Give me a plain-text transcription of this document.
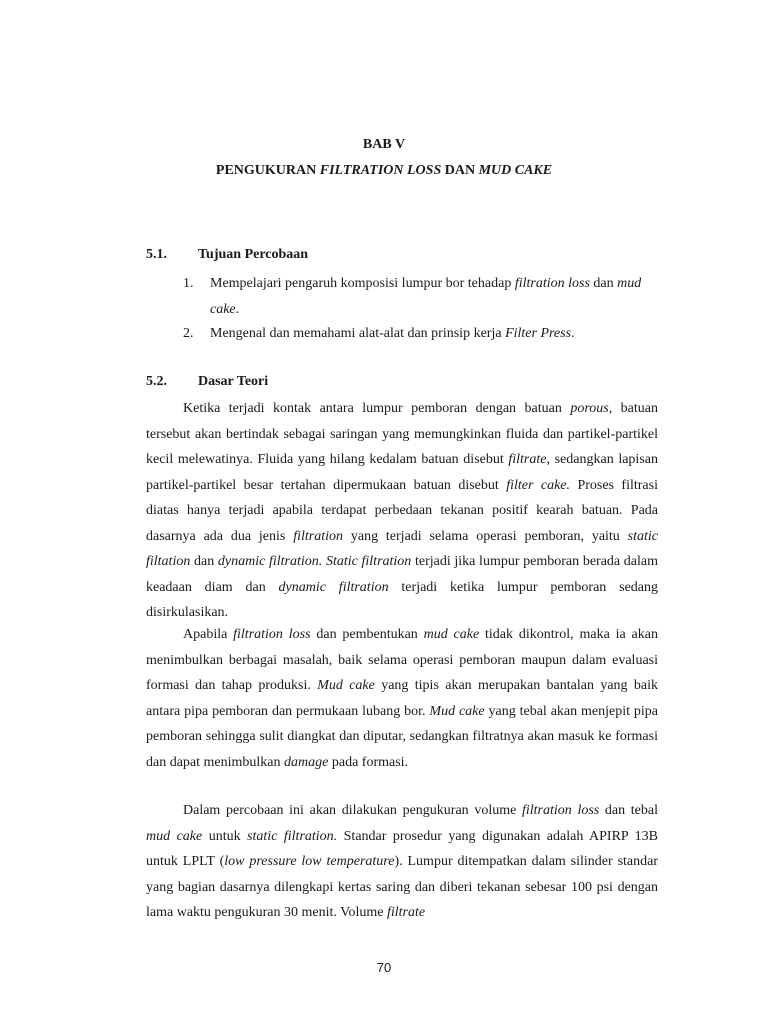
BAB V
PENGUKURAN FILTRATION LOSS DAN MUD CAKE
5.1. Tujuan Percobaan
1. Mempelajari pengaruh komposisi lumpur bor tehadap filtration loss dan mud cake.
2. Mengenal dan memahami alat-alat dan prinsip kerja Filter Press.
5.2. Dasar Teori

Ketika terjadi kontak antara lumpur pemboran dengan batuan porous, batuan tersebut akan bertindak sebagai saringan yang memungkinkan fluida dan partikel-partikel kecil melewatinya. Fluida yang hilang kedalam batuan disebut filtrate, sedangkan lapisan partikel-partikel besar tertahan dipermukaan batuan disebut filter cake. Proses filtrasi diatas hanya terjadi apabila terdapat perbedaan tekanan positif kearah batuan. Pada dasarnya ada dua jenis filtration yang terjadi selama operasi pemboran, yaitu static filtation dan dynamic filtration. Static filtration terjadi jika lumpur pemboran berada dalam keadaan diam dan dynamic filtration terjadi ketika lumpur pemboran sedang disirkulasikan.

Apabila filtration loss dan pembentukan mud cake tidak dikontrol, maka ia akan menimbulkan berbagai masalah, baik selama operasi pemboran maupun dalam evaluasi formasi dan tahap produksi. Mud cake yang tipis akan merupakan bantalan yang baik antara pipa pemboran dan permukaan lubang bor. Mud cake yang tebal akan menjepit pipa pemboran sehingga sulit diangkat dan diputar, sedangkan filtratnya akan masuk ke formasi dan dapat menimbulkan damage pada formasi.

Dalam percobaan ini akan dilakukan pengukuran volume filtration loss dan tebal mud cake untuk static filtration. Standar prosedur yang digunakan adalah APIRP 13B untuk LPLT (low pressure low temperature). Lumpur ditempatkan dalam silinder standar yang bagian dasarnya dilengkapi kertas saring dan diberi tekanan sebesar 100 psi dengan lama waktu pengukuran 30 menit. Volume filtrate

70
